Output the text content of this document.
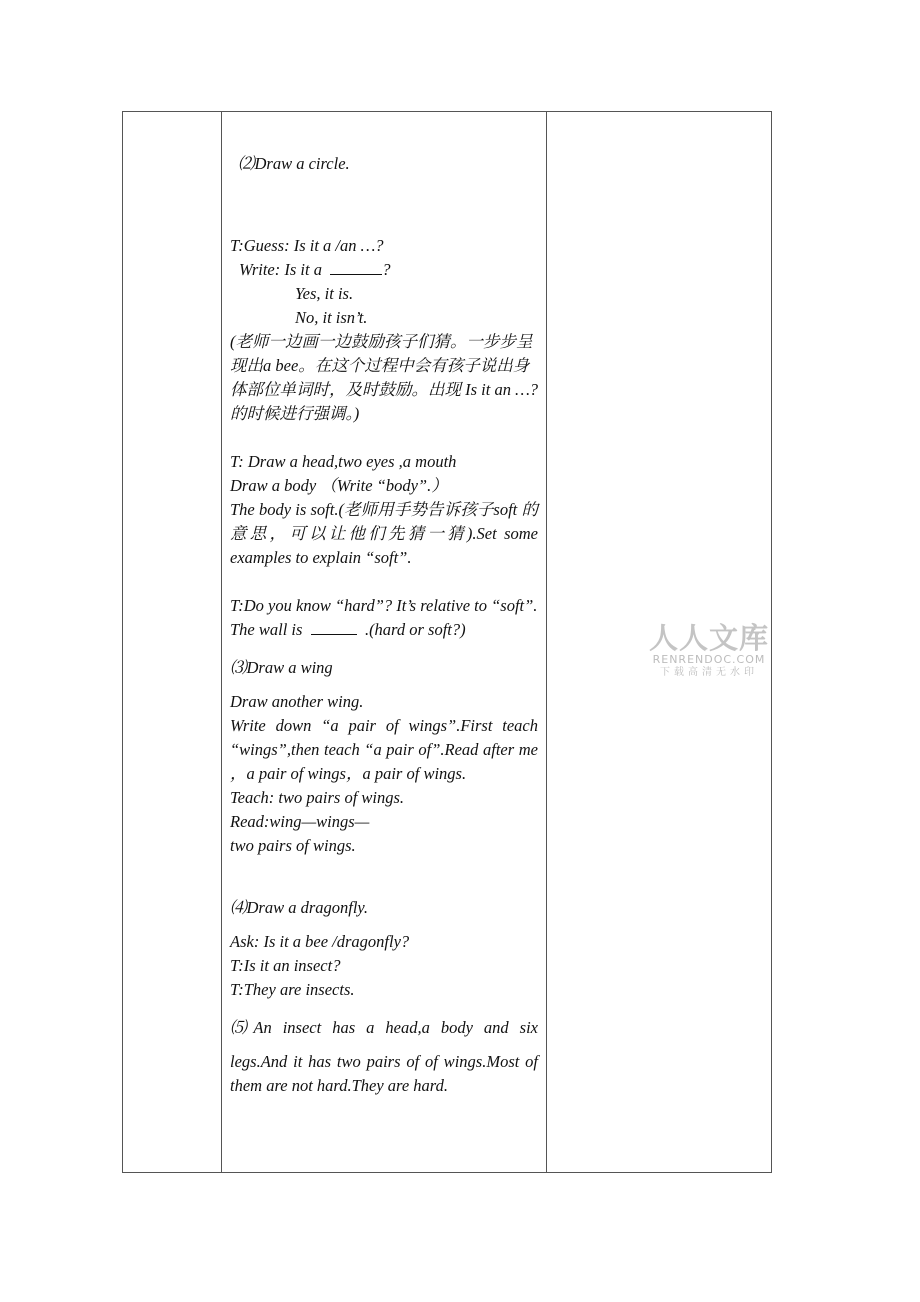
⑵Draw a circle.

T:Guess: Is it a /an …?

Write: Is it a	?

Yes, it is.

No, it isn’t.

(老师一边画一边鼓励孩子们猜。一步步呈现出a bee。在这个过程中会有孩子说出身体部位单词时，及时鼓励。出现 Is it an …?的时候进行强调。)

T: Draw a head,two eyes ,a mouth

Draw a body （Write “body”.）

The body is soft.(老师用手势告诉孩子soft 的意思，可以让他们先猜一猜).Set some examples to explain “soft”.

T:Do you know “hard”? It’s relative to “soft”.

The wall is	.(hard or soft?)

⑶Draw a wing

Draw another wing.

Write down “a pair of wings”.First teach “wings”,then teach “a pair of”.Read after me ，a pair of wings，a pair of wings.

Teach: two pairs of wings.

Read:wing—wings—

two pairs of wings.

⑷Draw a dragonfly.

Ask: Is it a bee /dragonfly?

T:Is it an insect?

T:They are insects.

⑸An insect has a head,a body and six

legs.And it has two pairs of of wings.Most of them are not hard.They are hard.

人人文库
RENRENDOC.COM
下载高清无水印
